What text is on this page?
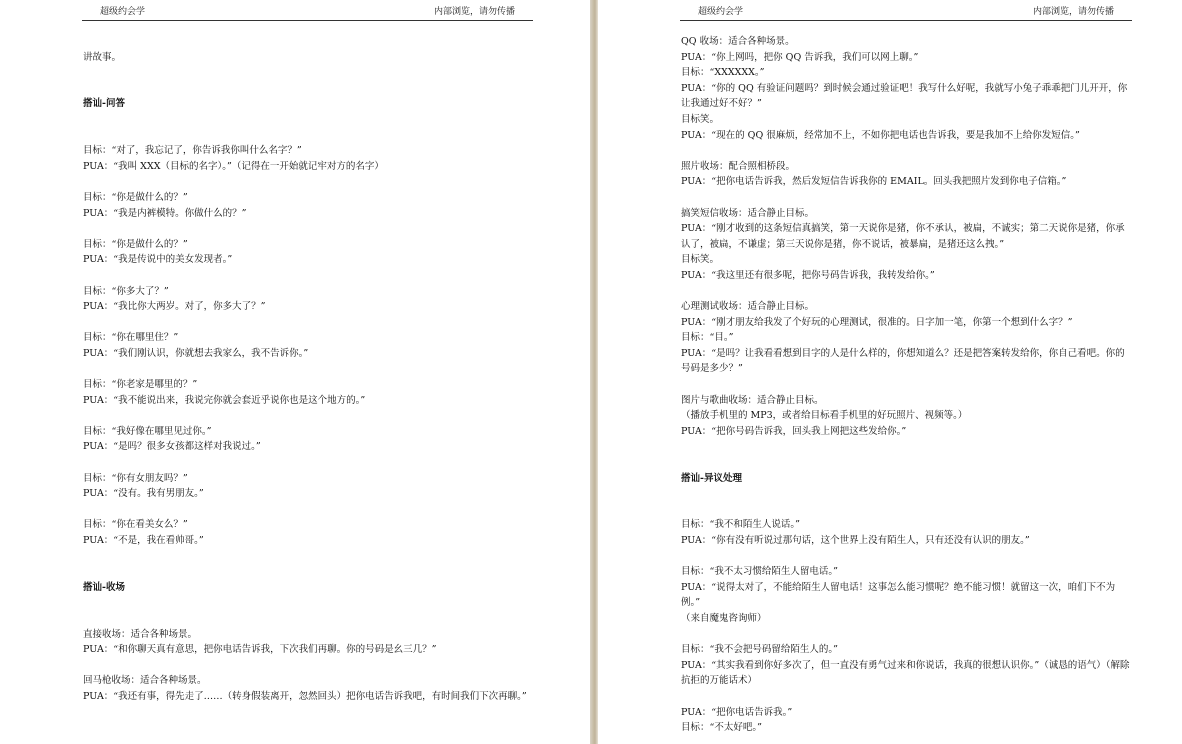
超级约会学	内部浏览，请勿传播
讲故事。
搭讪-问答
目标：“对了，我忘记了，你告诉我你叫什么名字？”
PUA：“我叫 XXX（目标的名字）。”（记得在一开始就记牢对方的名字）
目标：“你是做什么的？”
PUA：“我是内裤模特。你做什么的？”
目标：“你是做什么的？”
PUA：“我是传说中的美女发现者。”
目标：“你多大了？”
PUA：“我比你大两岁。对了，你多大了？”
目标：“你在哪里住？”
PUA：“我们刚认识，你就想去我家么，我不告诉你。”
目标：“你老家是哪里的？”
PUA：“我不能说出来，我说完你就会套近乎说你也是这个地方的。”
目标：“我好像在哪里见过你。”
PUA：“是吗？很多女孩都这样对我说过。”
目标：“你有女朋友吗？”
PUA：“没有。我有男朋友。”
目标：“你在看美女么？”
PUA：“不是，我在看帅哥。”
搭讪-收场
直接收场：适合各种场景。
PUA：“和你聊天真有意思，把你电话告诉我，下次我们再聊。你的号码是幺三几？”
回马枪收场：适合各种场景。
PUA：“我还有事，得先走了……（转身假装离开，忽然回头）把你电话告诉我吧，有时间我们下次再聊。”
超级约会学	内部浏览，请勿传播
QQ 收场：适合各种场景。
PUA：“你上网吗，把你 QQ 告诉我，我们可以网上聊。”
目标：“XXXXXX。”
PUA：“你的 QQ 有验证问题吗？到时候会通过验证吧！我写什么好呢，我就写小兔子乖乖把门儿开开，你让我通过好不好？”
目标笑。
PUA：“现在的 QQ 很麻烦，经常加不上，不如你把电话也告诉我，要是我加不上给你发短信。”
照片收场：配合照相桥段。
PUA：“把你电话告诉我，然后发短信告诉我你的 EMAIL。回头我把照片发到你电子信箱。”
搞笑短信收场：适合静止目标。
PUA：“刚才收到的这条短信真搞笑，第一天说你是猪，你不承认，被扁，不诚实；第二天说你是猪，你承认了，被扁，不谦虚；第三天说你是猪，你不说话，被暴扁，是猪还这么拽。”
目标笑。
PUA：“我这里还有很多呢，把你号码告诉我，我转发给你。”
心理测试收场：适合静止目标。
PUA：“刚才朋友给我发了个好玩的心理测试，很准的。日字加一笔，你第一个想到什么字？”
目标：“目。”
PUA：“是吗？让我看看想到目字的人是什么样的，你想知道么？还是把答案转发给你，你自己看吧。你的号码是多少？”
图片与歌曲收场：适合静止目标。
（播放手机里的 MP3，或者给目标看手机里的好玩照片、视频等。）
PUA：“把你号码告诉我，回头我上网把这些发给你。”
搭讪-异议处理
目标：“我不和陌生人说话。”
PUA：“你有没有听说过那句话，这个世界上没有陌生人，只有还没有认识的朋友。”
目标：“我不太习惯给陌生人留电话。”
PUA：“说得太对了，不能给陌生人留电话！这事怎么能习惯呢？绝不能习惯！就留这一次，咱们下不为例。”
（来自魔鬼咨询师）
目标：“我不会把号码留给陌生人的。”
PUA：“其实我看到你好多次了，但一直没有勇气过来和你说话，我真的很想认识你。”（诚恳的语气）（解除抗拒的万能话术）
PUA：“把你电话告诉我。”
目标：“不太好吧。”
